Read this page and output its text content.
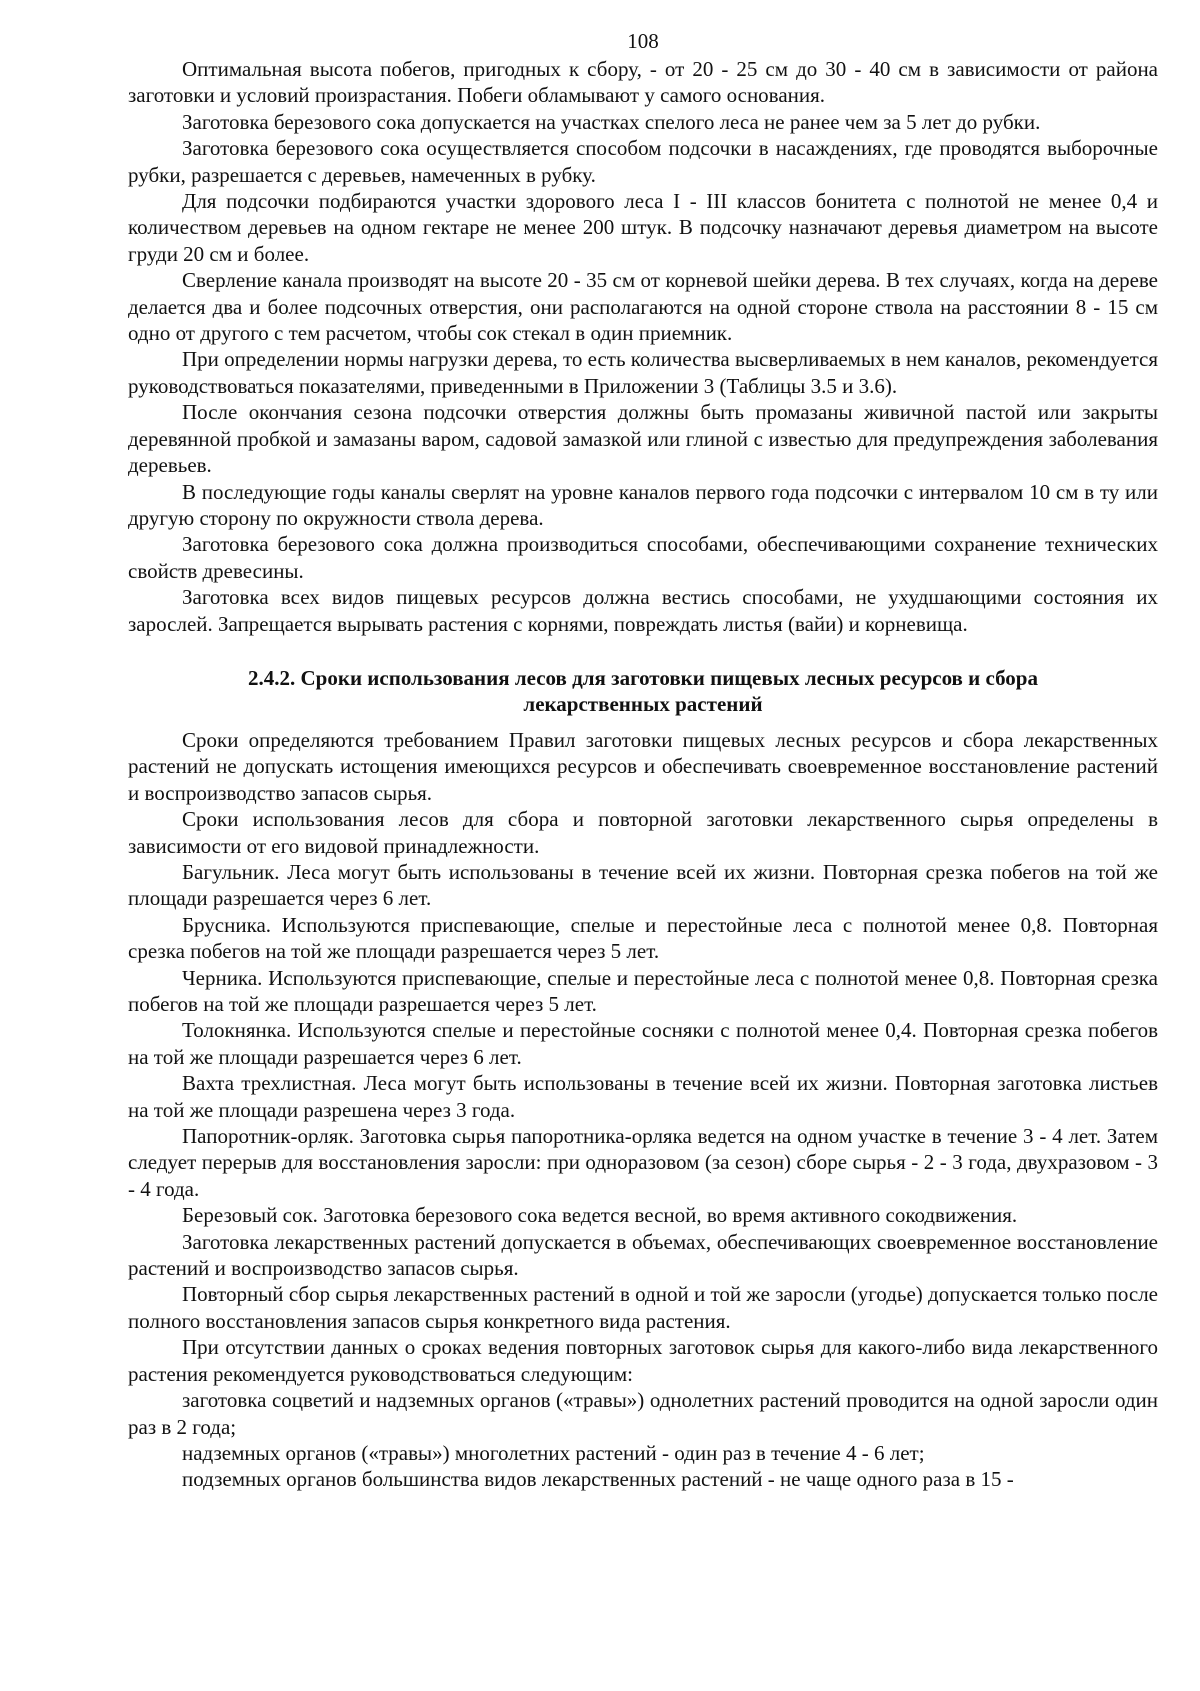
108

Оптимальная высота побегов, пригодных к сбору, - от 20 - 25 см до 30 - 40 см в зависимости от района заготовки и условий произрастания. Побеги обламывают у самого основания.

Заготовка березового сока допускается на участках спелого леса не ранее чем за 5 лет до рубки.

Заготовка березового сока осуществляется способом подсочки в насаждениях, где проводятся выборочные рубки, разрешается с деревьев, намеченных в рубку.

Для подсочки подбираются участки здорового леса I - III классов бонитета с полнотой не менее 0,4 и количеством деревьев на одном гектаре не менее 200 штук. В подсочку назначают деревья диаметром на высоте груди 20 см и более.

Сверление канала производят на высоте 20 - 35 см от корневой шейки дерева. В тех случаях, когда на дереве делается два и более подсочных отверстия, они располагаются на одной стороне ствола на расстоянии 8 - 15 см одно от другого с тем расчетом, чтобы сок стекал в один приемник.

При определении нормы нагрузки дерева, то есть количества высверливаемых в нем каналов, рекомендуется руководствоваться показателями, приведенными в Приложении 3 (Таблицы 3.5 и 3.6).

После окончания сезона подсочки отверстия должны быть промазаны живичной пастой или закрыты деревянной пробкой и замазаны варом, садовой замазкой или глиной с известью для предупреждения заболевания деревьев.

В последующие годы каналы сверлят на уровне каналов первого года подсочки с интервалом 10 см в ту или другую сторону по окружности ствола дерева.

Заготовка березового сока должна производиться способами, обеспечивающими сохранение технических свойств древесины.

Заготовка всех видов пищевых ресурсов должна вестись способами, не ухудшающими состояния их зарослей. Запрещается вырывать растения с корнями, повреждать листья (вайи) и корневища.

2.4.2. Сроки использования лесов для заготовки пищевых лесных ресурсов и сбора
лекарственных растений

Сроки определяются требованием Правил заготовки пищевых лесных ресурсов и сбора лекарственных растений не допускать истощения имеющихся ресурсов и обеспечивать своевременное восстановление растений и воспроизводство запасов сырья.

Сроки использования лесов для сбора и повторной заготовки лекарственного сырья определены в зависимости от его видовой принадлежности.

Багульник. Леса могут быть использованы в течение всей их жизни. Повторная срезка побегов на той же площади разрешается через 6 лет.

Брусника. Используются приспевающие, спелые и перестойные леса с полнотой менее 0,8. Повторная срезка побегов на той же площади разрешается через 5 лет.

Черника. Используются приспевающие, спелые и перестойные леса с полнотой менее 0,8. Повторная срезка побегов на той же площади разрешается через 5 лет.

Толокнянка. Используются спелые и перестойные сосняки с полнотой менее 0,4. Повторная срезка побегов на той же площади разрешается через 6 лет.

Вахта трехлистная. Леса могут быть использованы в течение всей их жизни. Повторная заготовка листьев на той же площади разрешена через 3 года.

Папоротник-орляк. Заготовка сырья папоротника-орляка ведется на одном участке в течение 3 - 4 лет. Затем следует перерыв для восстановления заросли: при одноразовом (за сезон) сборе сырья - 2 - 3 года, двухразовом - 3 - 4 года.

Березовый сок. Заготовка березового сока ведется весной, во время активного сокодвижения.

Заготовка лекарственных растений допускается в объемах, обеспечивающих своевременное восстановление растений и воспроизводство запасов сырья.

Повторный сбор сырья лекарственных растений в одной и той же заросли (угодье) допускается только после полного восстановления запасов сырья конкретного вида растения.

При отсутствии данных о сроках ведения повторных заготовок сырья для какого-либо вида лекарственного растения рекомендуется руководствоваться следующим:

заготовка соцветий и надземных органов («травы») однолетних растений проводится на одной заросли один раз в 2 года;

надземных органов («травы») многолетних растений - один раз в течение 4 - 6 лет;

подземных органов большинства видов лекарственных растений - не чаще одного раза в 15 -
